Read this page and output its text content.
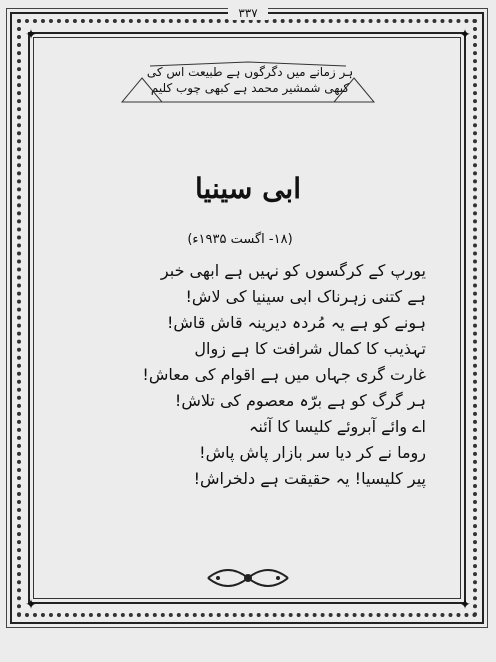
✦	✦
✦	✦
۳۳۷
ہر زمانے میں دگرگوں ہے طبیعت اس کی
کبھی شمشیر محمد ہے کبھی چوب کلیم
ابی سینیا
(۱۸- اگست ۱۹۳۵ء)
یورپ کے کرگسوں کو نہیں ہے ابھی خبر
ہے کتنی زہرناک ابی سینیا کی لاش!
ہونے کو ہے یہ مُردہ دیرینہ قاش قاش!
تہذیب کا کمال شرافت کا ہے زوال
غارت گری جہاں میں ہے اقوام کی معاش!
ہر گرگ کو ہے برّہ معصوم کی تلاش!
اے وائے آبروئے کلیسا کا آئنہ
روما نے کر دیا سر بازار پاش پاش!
پیر کلیسیا! یہ حقیقت ہے دلخراش!
